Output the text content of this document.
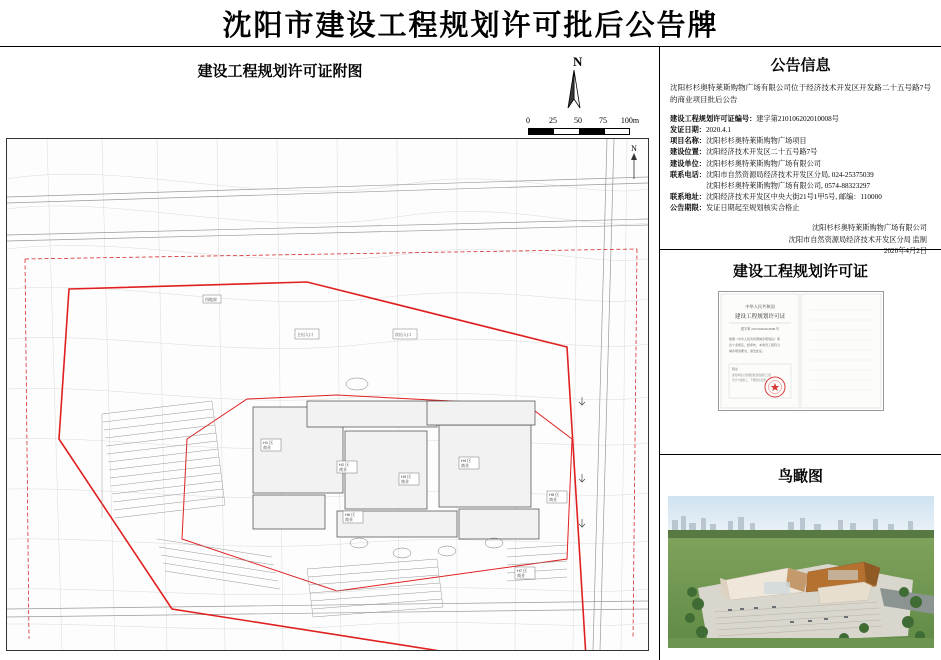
沈阳市建设工程规划许可批后公告牌
建设工程规划许可证附图
N
0 25 50 75 100m
H1 区
商业
H2 区
商业
H3 区
商业
H4 区
商业
H5 区
商业
H6 区
商业
H7 区
商业
主出入口	次出入口
用地界
N
公告信息
沈阳杉杉奥特莱斯购物广场有限公司位于经济技术开发区开发路二十五号路7号的商业项目批后公告
建设工程规划许可证编号：建字第210106202010008号
发证日期：2020.4.1
项目名称：沈阳杉杉奥特莱斯购物广场项目
建设位置：沈阳经济技术开发区二十五号路7号
建设单位：沈阳杉杉奥特莱斯购物广场有限公司
联系电话：沈阳市自然资源局经济技术开发区分局, 024-25375039
沈阳杉杉奥特莱斯购物广场有限公司, 0574-88323297
联系地址：沈阳经济技术开发区中央大街21号1甲5号, 邮编：110000
公告期限：发证日期起至规划核实合格止
沈阳杉杉奥特莱斯购物广场有限公司
沈阳市自然资源局经济技术开发区分局 监制
2020年4月2日
建设工程规划许可证
中华人民共和国
建设工程规划许可证
建字第 210106202010008 号
根据《中华人民共和国城乡规划法》第
四十条规定，经审核，本建设工程符合
城乡规划要求，颁发此证。
附注
建设单位应按照经批准的建设工程
设计方案施工，不得擅自变更。
鸟瞰图
